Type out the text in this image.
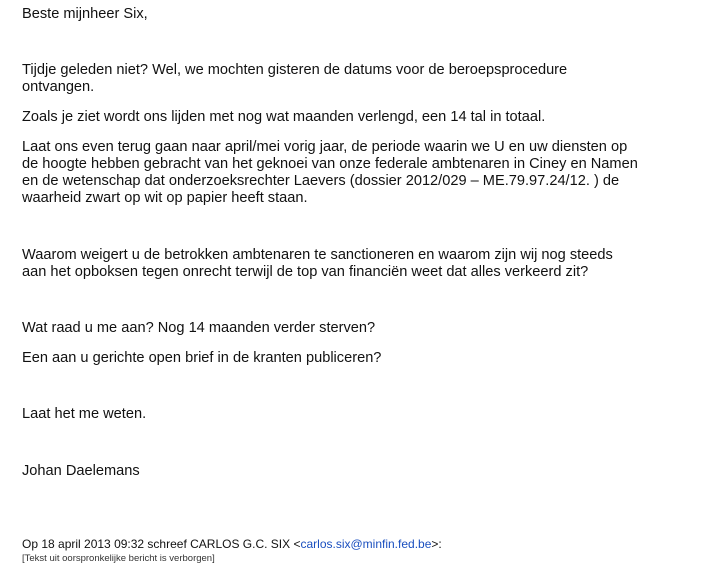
Beste mijnheer Six,
Tijdje geleden niet? Wel, we mochten gisteren de datums voor de beroepsprocedure
ontvangen.
Zoals je ziet wordt ons lijden met nog wat maanden verlengd, een 14 tal in totaal.
Laat ons even terug gaan naar april/mei vorig jaar, de periode waarin we U en uw diensten op
de hoogte hebben gebracht van het geknoei van onze federale ambtenaren in Ciney en Namen
en de wetenschap dat onderzoeksrechter Laevers (dossier 2012/029 – ME.79.97.24/12. ) de
waarheid zwart op wit op papier heeft staan.
Waarom weigert u de betrokken ambtenaren te sanctioneren en waarom zijn wij nog steeds
aan het opboksen tegen onrecht terwijl de top van financiën weet dat alles verkeerd zit?
Wat raad u me aan? Nog 14 maanden verder sterven?
Een aan u gerichte open brief in de kranten publiceren?
Laat het me weten.
Johan Daelemans
Op 18 april 2013 09:32 schreef CARLOS G.C. SIX <carlos.six@minfin.fed.be>:
[Tekst uit oorspronkelijke bericht is verborgen]
